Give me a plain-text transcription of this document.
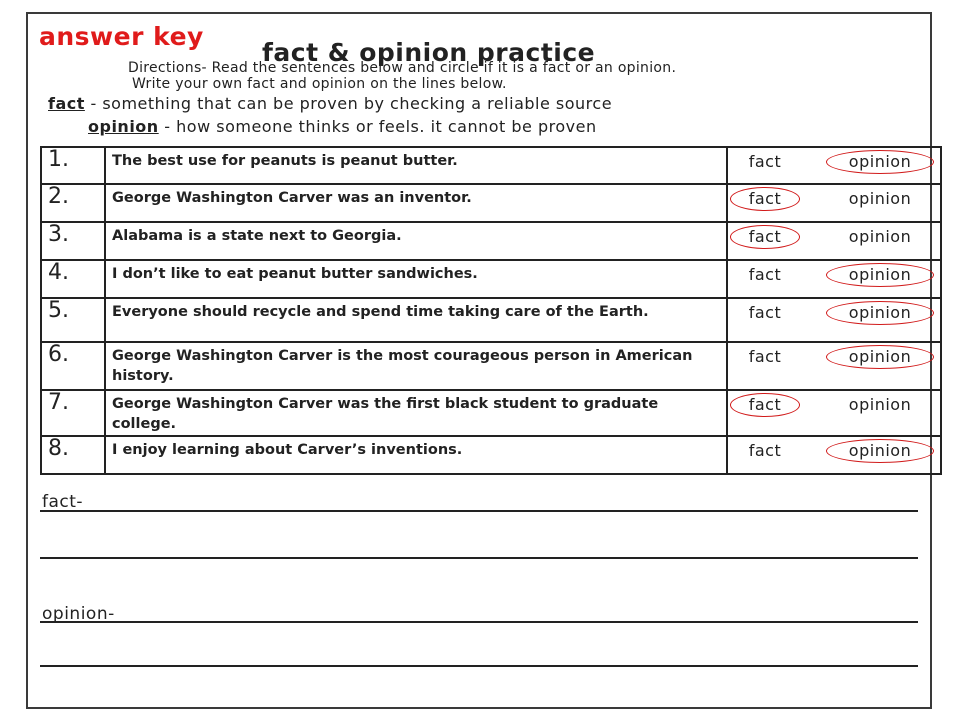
answer key
fact & opinion practice
Directions- Read the sentences below and circle if it is a fact or an opinion.
Write your own fact and opinion on the lines below.
fact - something that can be proven by checking a reliable source
opinion - how someone thinks or feels. it cannot be proven
1.	The best use for peanuts is peanut butter.	fact opinion

2.	George Washington Carver was an inventor.	fact opinion

3.	Alabama is a state next to Georgia.	fact opinion

4.	I don’t like to eat peanut butter sandwiches.	fact opinion

5.	Everyone should recycle and spend time taking care of the Earth.	fact opinion

6.	George Washington Carver is the most courageous person in American history.	fact opinion

7.	George Washington Carver was the first black student to graduate college.	fact opinion

8.	I enjoy learning about Carver’s inventions.	fact opinion
fact-
opinion-
